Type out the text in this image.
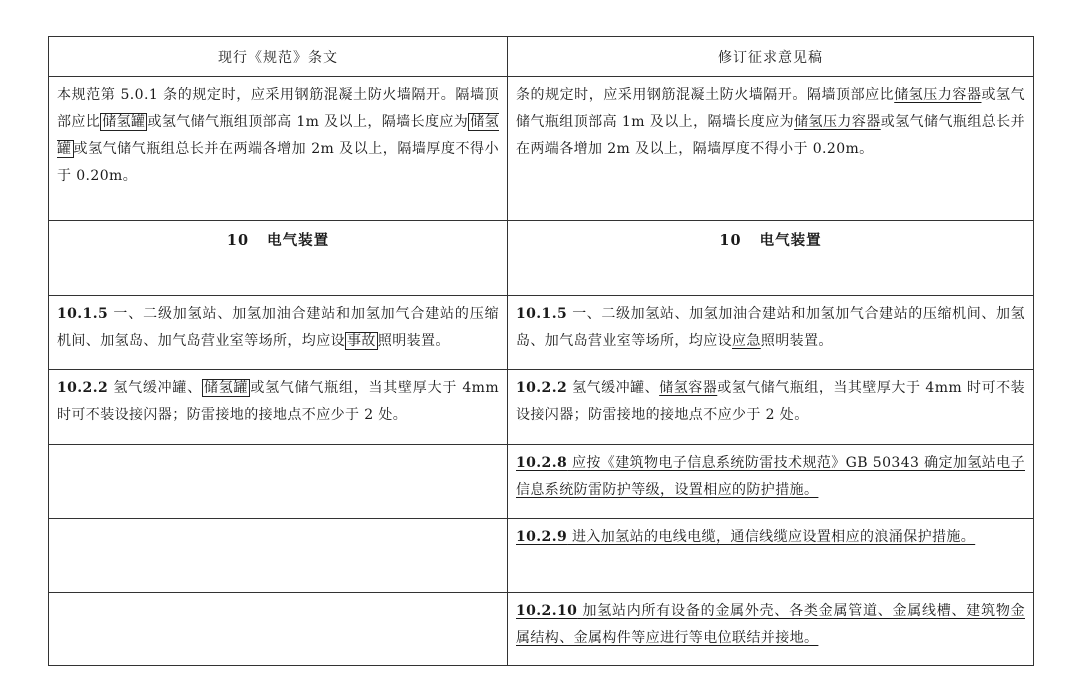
现行《规范》条文	修订征求意见稿

本规范第 5.0.1 条的规定时，应采用钢筋混凝土防火墙隔开。隔墙顶部应比 储氢罐 或氢气储气瓶组顶部高 1m 及以上，隔墙长度应为 储氢罐 或氢气储气瓶组总长并在两端各增加 2m 及以上，隔墙厚度不得小于 0.20m。	条的规定时，应采用钢筋混凝土防火墙隔开。隔墙顶部应比储氢压力容器或氢气储气瓶组顶部高 1m 及以上，隔墙长度应为储氢压力容器或氢气储气瓶组总长并在两端各增加 2m 及以上，隔墙厚度不得小于 0.20m。

10 电气装置	10 电气装置

10.1.5 一、二级加氢站、加氢加油合建站和加氢加气合建站的压缩机间、加氢岛、加气岛营业室等场所，均应设 事故 照明装置。	10.1.5 一、二级加氢站、加氢加油合建站和加氢加气合建站的压缩机间、加氢岛、加气岛营业室等场所，均应设应急照明装置。

10.2.2 氢气缓冲罐、 储氢罐 或氢气储气瓶组，当其壁厚大于 4mm 时可不装设接闪器；防雷接地的接地点不应少于 2 处。	10.2.2 氢气缓冲罐、储氢容器或氢气储气瓶组，当其壁厚大于 4mm 时可不装设接闪器；防雷接地的接地点不应少于 2 处。

	10.2.8 应按《建筑物电子信息系统防雷技术规范》GB 50343 确定加氢站电子信息系统防雷防护等级，设置相应的防护措施。

	10.2.9 进入加氢站的电线电缆，通信线缆应设置相应的浪涌保护措施。

	10.2.10 加氢站内所有设备的金属外壳、各类金属管道、金属线槽、建筑物金属结构、金属构件等应进行等电位联结并接地。
